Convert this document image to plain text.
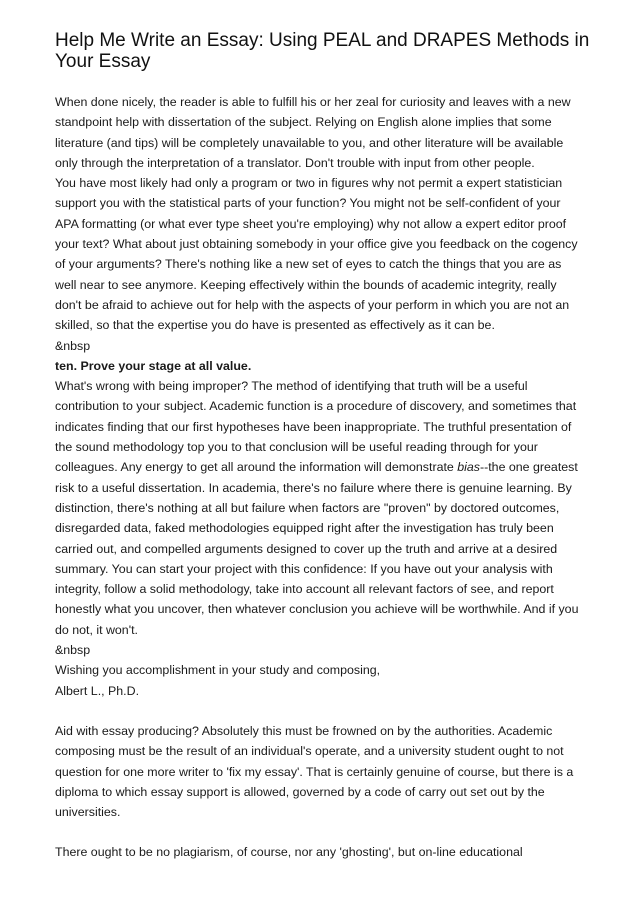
Help Me Write an Essay: Using PEAL and DRAPES Methods in Your Essay

When done nicely, the reader is able to fulfill his or her zeal for curiosity and leaves with a new standpoint help with dissertation of the subject. Relying on English alone implies that some literature (and tips) will be completely unavailable to you, and other literature will be available only through the interpretation of a translator. Don't trouble with input from other people.

You have most likely had only a program or two in figures why not permit a expert statistician support you with the statistical parts of your function? You might not be self-confident of your APA formatting (or what ever type sheet you're employing) why not allow a expert editor proof your text? What about just obtaining somebody in your office give you feedback on the cogency of your arguments? There's nothing like a new set of eyes to catch the things that you are as well near to see anymore. Keeping effectively within the bounds of academic integrity, really don't be afraid to achieve out for help with the aspects of your perform in which you are not an skilled, so that the expertise you do have is presented as effectively as it can be.

&nbsp

ten. Prove your stage at all value.

What's wrong with being improper? The method of identifying that truth will be a useful contribution to your subject. Academic function is a procedure of discovery, and sometimes that indicates finding that our first hypotheses have been inappropriate. The truthful presentation of the sound methodology top you to that conclusion will be useful reading through for your colleagues. Any energy to get all around the information will demonstrate bias--the one greatest risk to a useful dissertation. In academia, there's no failure where there is genuine learning. By distinction, there's nothing at all but failure when factors are "proven" by doctored outcomes, disregarded data, faked methodologies equipped right after the investigation has truly been carried out, and compelled arguments designed to cover up the truth and arrive at a desired summary. You can start your project with this confidence: If you have out your analysis with integrity, follow a solid methodology, take into account all relevant factors of see, and report honestly what you uncover, then whatever conclusion you achieve will be worthwhile. And if you do not, it won't.

&nbsp

Wishing you accomplishment in your study and composing,

Albert L., Ph.D.

Aid with essay producing? Absolutely this must be frowned on by the authorities. Academic composing must be the result of an individual's operate, and a university student ought to not question for one more writer to 'fix my essay'. That is certainly genuine of course, but there is a diploma to which essay support is allowed, governed by a code of carry out set out by the universities.

There ought to be no plagiarism, of course, nor any 'ghosting', but on-line educational
